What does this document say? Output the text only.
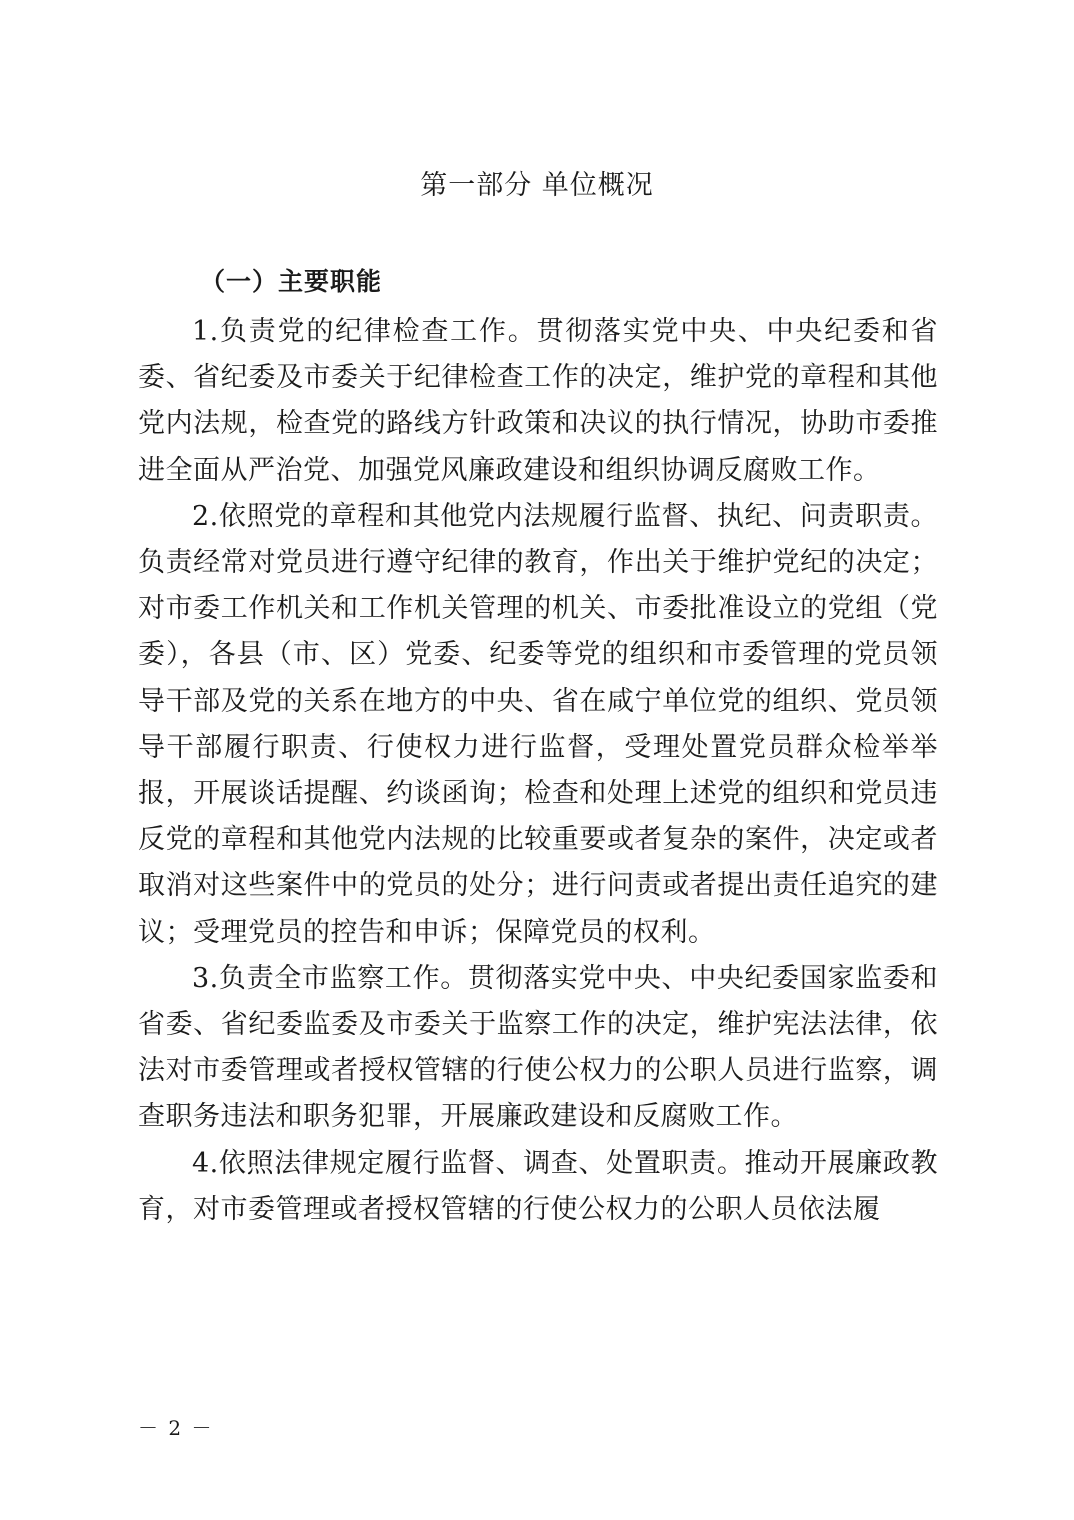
第一部分 单位概况
（一）主要职能

1.负责党的纪律检查工作。贯彻落实党中央、中央纪委和省委、省纪委及市委关于纪律检查工作的决定，维护党的章程和其他党内法规，检查党的路线方针政策和决议的执行情况，协助市委推进全面从严治党、加强党风廉政建设和组织协调反腐败工作。

2.依照党的章程和其他党内法规履行监督、执纪、问责职责。负责经常对党员进行遵守纪律的教育，作出关于维护党纪的决定；对市委工作机关和工作机关管理的机关、市委批准设立的党组（党委），各县（市、区）党委、纪委等党的组织和市委管理的党员领导干部及党的关系在地方的中央、省在咸宁单位党的组织、党员领导干部履行职责、行使权力进行监督，受理处置党员群众检举举报，开展谈话提醒、约谈函询；检查和处理上述党的组织和党员违反党的章程和其他党内法规的比较重要或者复杂的案件，决定或者取消对这些案件中的党员的处分；进行问责或者提出责任追究的建议；受理党员的控告和申诉；保障党员的权利。

3.负责全市监察工作。贯彻落实党中央、中央纪委国家监委和省委、省纪委监委及市委关于监察工作的决定，维护宪法法律，依法对市委管理或者授权管辖的行使公权力的公职人员进行监察，调查职务违法和职务犯罪，开展廉政建设和反腐败工作。

4.依照法律规定履行监督、调查、处置职责。推动开展廉政教育，对市委管理或者授权管辖的行使公权力的公职人员依法履

－ 2 －
